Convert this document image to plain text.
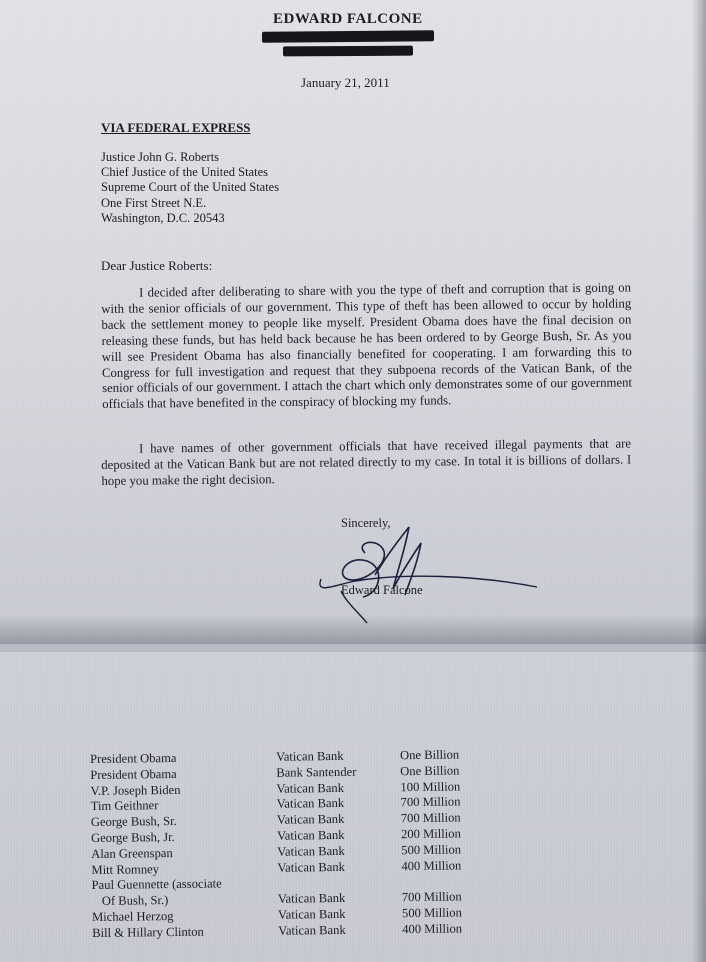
EDWARD FALCONE
January 21, 2011
VIA FEDERAL EXPRESS
Justice John G. Roberts
Chief Justice of the United States
Supreme Court of the United States
One First Street N.E.
Washington, D.C. 20543
Dear Justice Roberts:
I decided after deliberating to share with you the type of theft and corruption that is going on with the senior officials of our government. This type of theft has been allowed to occur by holding back the settlement money to people like myself. President Obama does have the final decision on releasing these funds, but has held back because he has been ordered to by George Bush, Sr. As you will see President Obama has also financially benefited for cooperating. I am forwarding this to Congress for full investigation and request that they subpoena records of the Vatican Bank, of the senior officials of our government. I attach the chart which only demonstrates some of our government officials that have benefited in the conspiracy of blocking my funds.
I have names of other government officials that have received illegal payments that are deposited at the Vatican Bank but are not related directly to my case. In total it is billions of dollars. I hope you make the right decision.
Sincerely,
Edward Falcone
President Obama	Vatican Bank	One Billion
President Obama	Bank Santender	One Billion
V.P. Joseph Biden	Vatican Bank	100 Million
Tim Geithner	Vatican Bank	700 Million
George Bush, Sr.	Vatican Bank	700 Million
George Bush, Jr.	Vatican Bank	200 Million
Alan Greenspan	Vatican Bank	500 Million
Mitt Romney	Vatican Bank	400 Million
Paul Guennette (associate		
Of Bush, Sr.)	Vatican Bank	700 Million
Michael Herzog	Vatican Bank	500 Million
Bill & Hillary Clinton	Vatican Bank	400 Million
